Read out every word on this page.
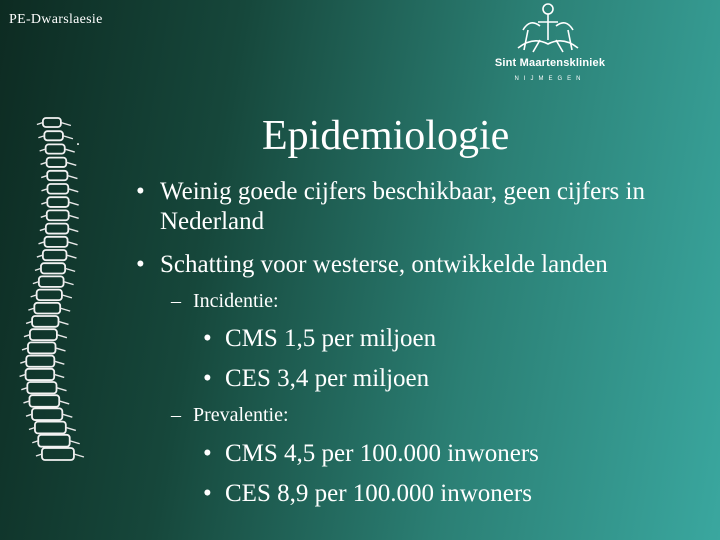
PE-Dwarslaesie
Sint Maartenskliniek
NIJMEGEN
.	Epidemiologie
• Weinig goede cijfers beschikbaar, geen cijfers in Nederland
• Schatting voor westerse, ontwikkelde landen
– Incidentie:
• CMS 1,5 per miljoen
• CES 3,4 per miljoen
– Prevalentie:
• CMS 4,5 per 100.000 inwoners
• CES 8,9 per 100.000 inwoners
